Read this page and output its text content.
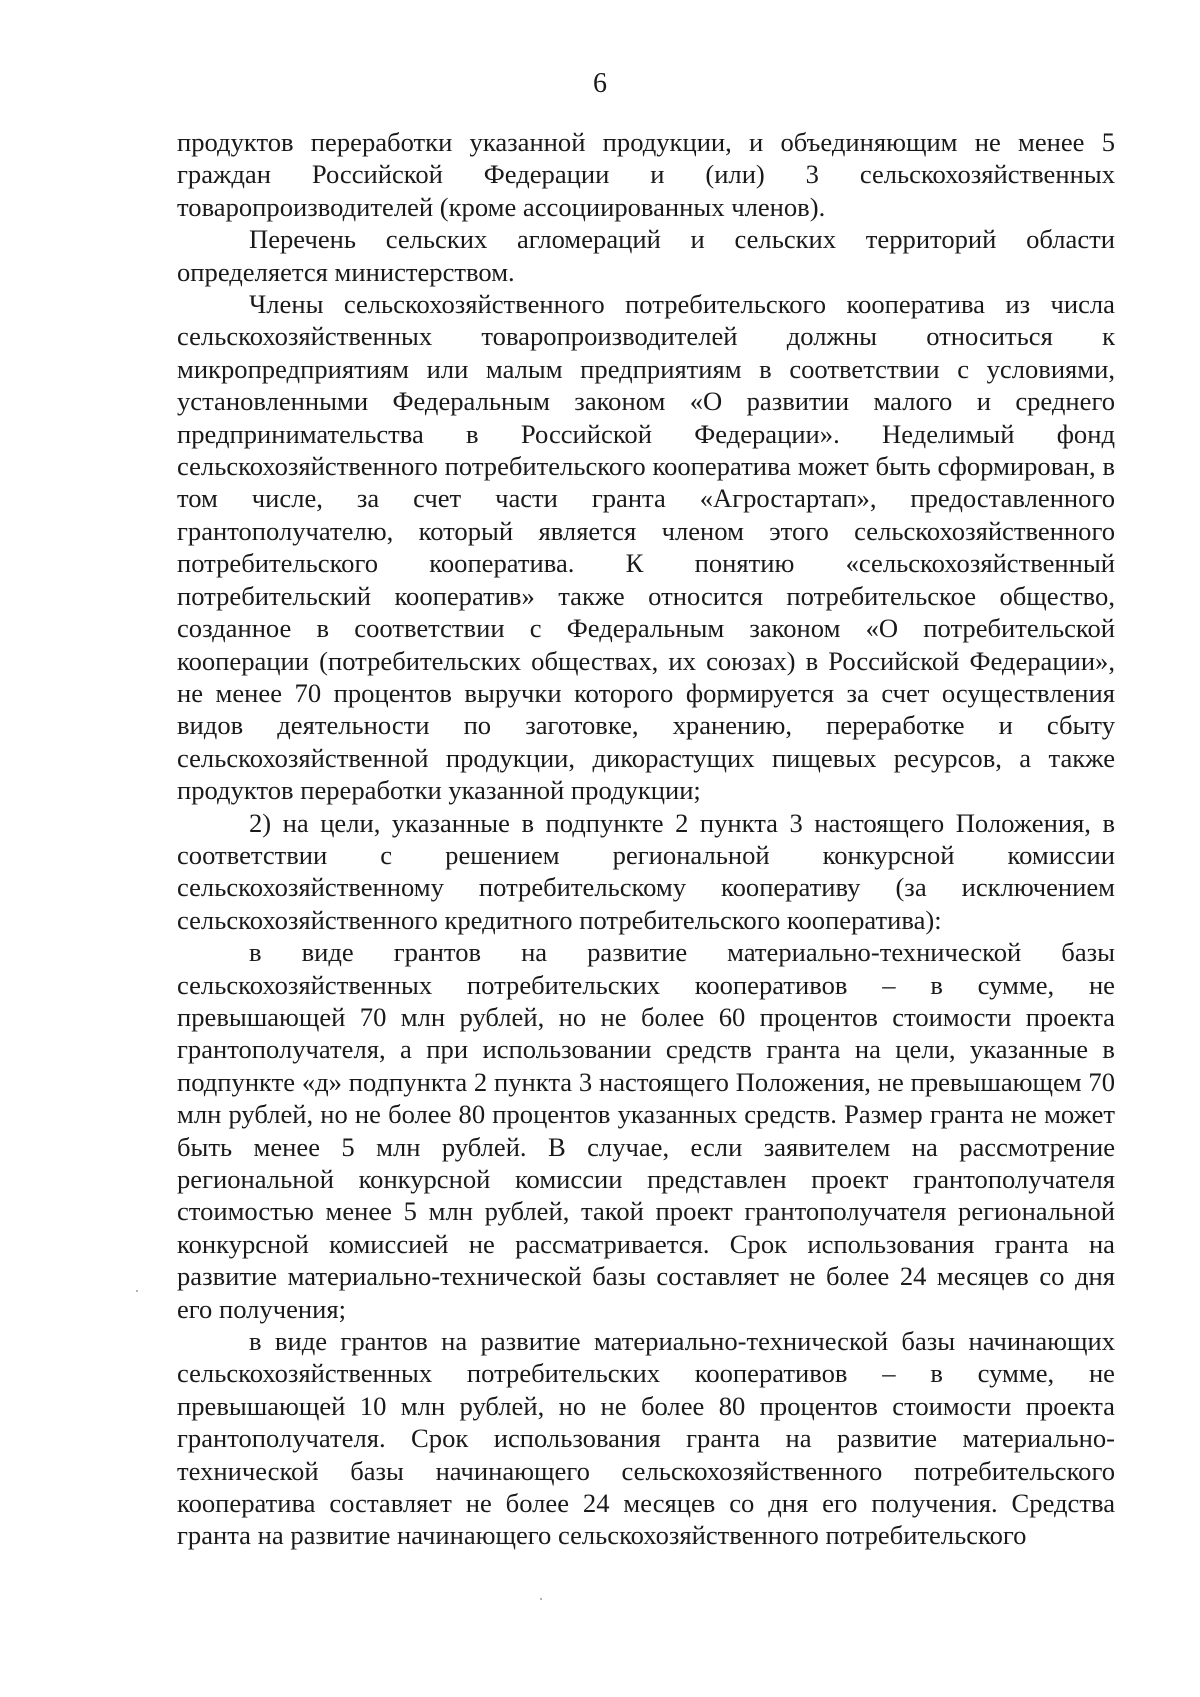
6

продуктов переработки указанной продукции, и объединяющим не менее 5 граждан Российской Федерации и (или) 3 сельскохозяйственных товаропроизводителей (кроме ассоциированных членов).

Перечень сельских агломераций и сельских территорий области определяется министерством.

Члены сельскохозяйственного потребительского кооператива из числа сельскохозяйственных товаропроизводителей должны относиться к микропредприятиям или малым предприятиям в соответствии с условиями, установленными Федеральным законом «О развитии малого и среднего предпринимательства в Российской Федерации». Неделимый фонд сельскохозяйственного потребительского кооператива может быть сформирован, в том числе, за счет части гранта «Агростартап», предоставленного грантополучателю, который является членом этого сельскохозяйственного потребительского кооператива. К понятию «сельскохозяйственный потребительский кооператив» также относится потребительское общество, созданное в соответствии с Федеральным законом «О потребительской кооперации (потребительских обществах, их союзах) в Российской Федерации», не менее 70 процентов выручки которого формируется за счет осуществления видов деятельности по заготовке, хранению, переработке и сбыту сельскохозяйственной продукции, дикорастущих пищевых ресурсов, а также продуктов переработки указанной продукции;

2) на цели, указанные в подпункте 2 пункта 3 настоящего Положения, в соответствии с решением региональной конкурсной комиссии сельскохозяйственному потребительскому кооперативу (за исключением сельскохозяйственного кредитного потребительского кооператива):

в виде грантов на развитие материально-технической базы сельскохозяйственных потребительских кооперативов – в сумме, не превышающей 70 млн рублей, но не более 60 процентов стоимости проекта грантополучателя, а при использовании средств гранта на цели, указанные в подпункте «д» подпункта 2 пункта 3 настоящего Положения, не превышающем 70 млн рублей, но не более 80 процентов указанных средств. Размер гранта не может быть менее 5 млн рублей. В случае, если заявителем на рассмотрение региональной конкурсной комиссии представлен проект грантополучателя стоимостью менее 5 млн рублей, такой проект грантополучателя региональной конкурсной комиссией не рассматривается. Срок использования гранта на развитие материально-технической базы составляет не более 24 месяцев со дня его получения;

в виде грантов на развитие материально-технической базы начинающих сельскохозяйственных потребительских кооперативов – в сумме, не превышающей 10 млн рублей, но не более 80 процентов стоимости проекта грантополучателя. Срок использования гранта на развитие материально-технической базы начинающего сельскохозяйственного потребительского кооператива составляет не более 24 месяцев со дня его получения. Средства гранта на развитие начинающего сельскохозяйственного потребительского
